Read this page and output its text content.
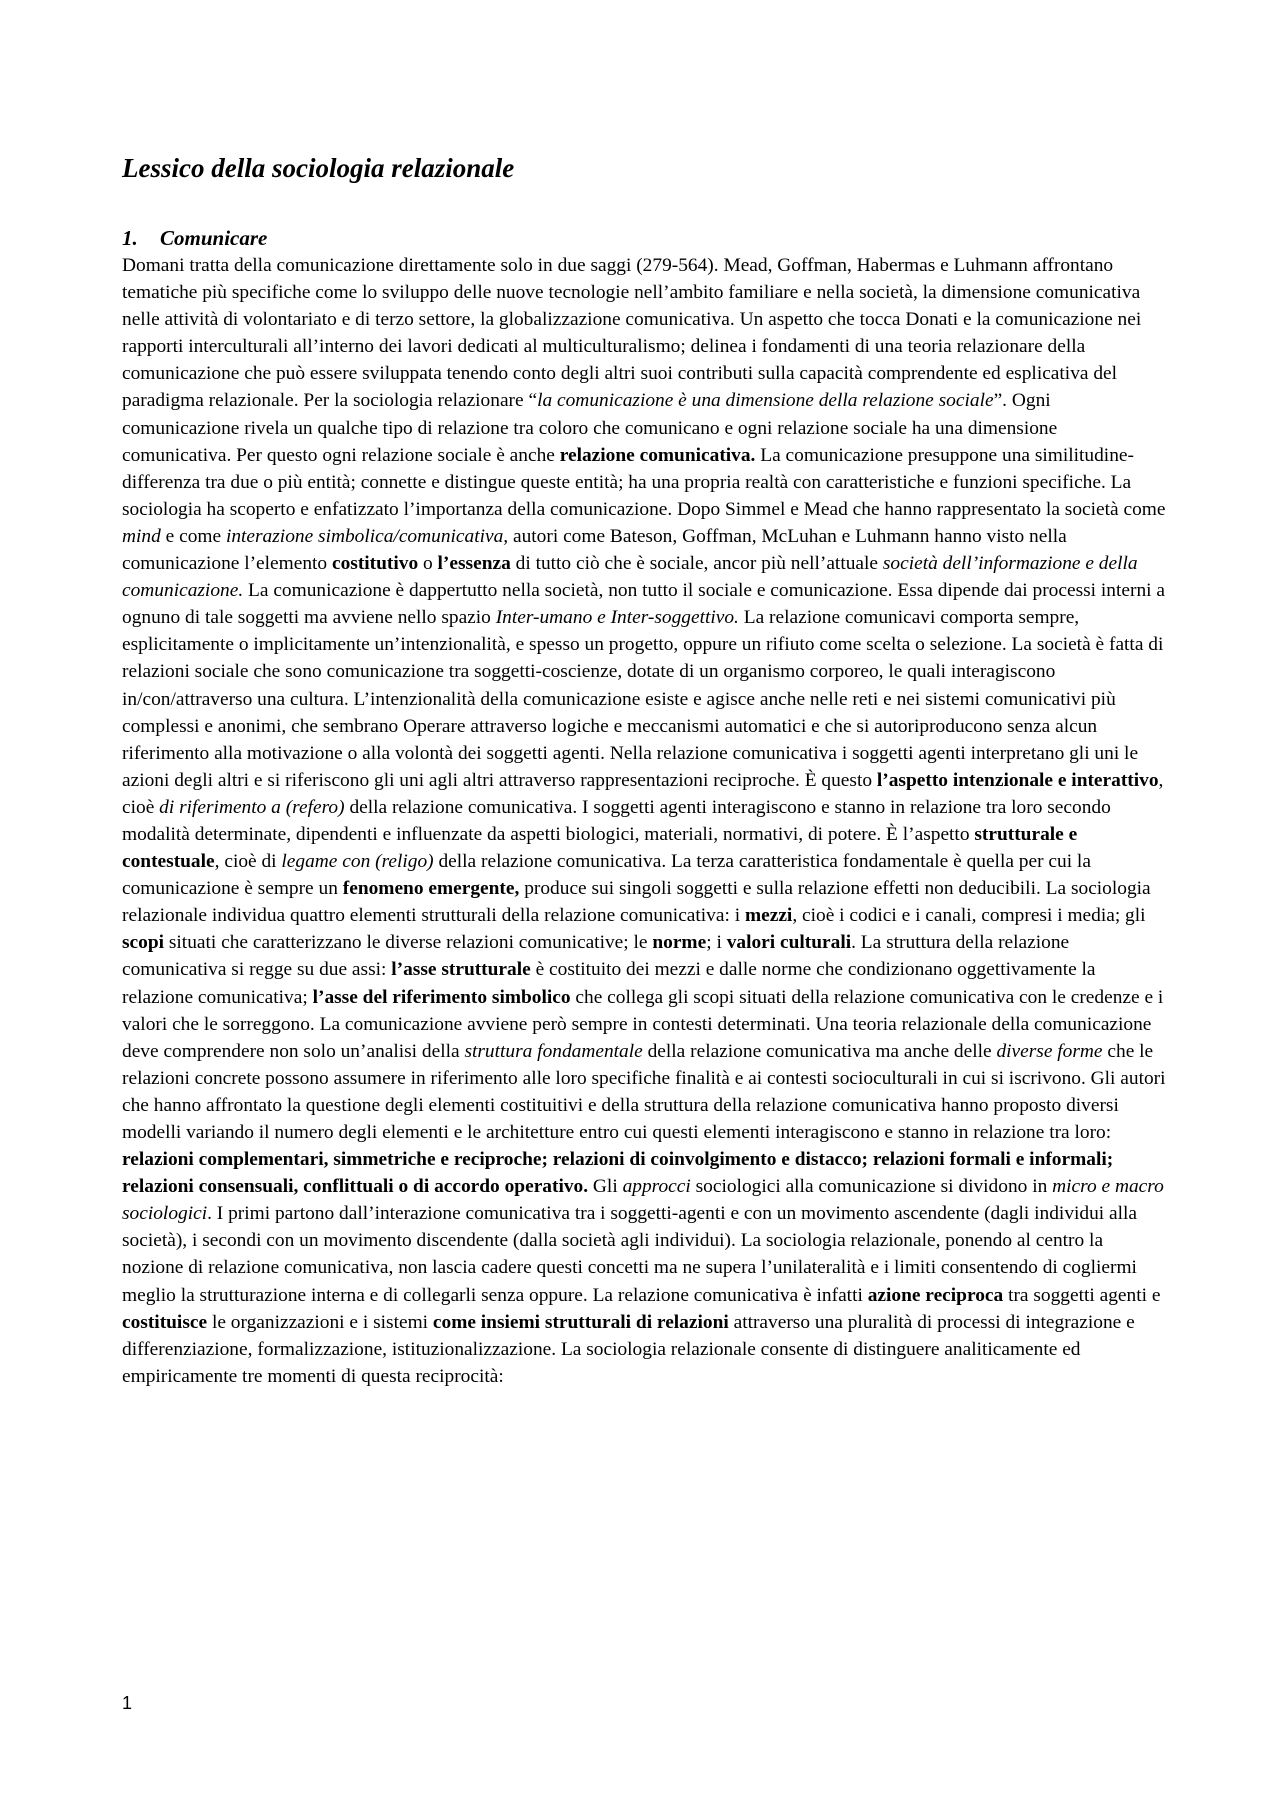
Lessico della sociologia relazionale
1. Comunicare

Domani tratta della comunicazione direttamente solo in due saggi (279-564). Mead, Goffman, Habermas e Luhmann affrontano tematiche più specifiche come lo sviluppo delle nuove tecnologie nell’ambito familiare e nella società, la dimensione comunicativa nelle attività di volontariato e di terzo settore, la globalizzazione comunicativa. Un aspetto che tocca Donati e la comunicazione nei rapporti interculturali all’interno dei lavori dedicati al multiculturalismo; delinea i fondamenti di una teoria relazionare della comunicazione che può essere sviluppata tenendo conto degli altri suoi contributi sulla capacità comprendente ed esplicativa del paradigma relazionale. Per la sociologia relazionare “la comunicazione è una dimensione della relazione sociale”. Ogni comunicazione rivela un qualche tipo di relazione tra coloro che comunicano e ogni relazione sociale ha una dimensione comunicativa. Per questo ogni relazione sociale è anche relazione comunicativa. La comunicazione presuppone una similitudine-differenza tra due o più entità; connette e distingue queste entità; ha una propria realtà con caratteristiche e funzioni specifiche. La sociologia ha scoperto e enfatizzato l’importanza della comunicazione. Dopo Simmel e Mead che hanno rappresentato la società come mind e come interazione simbolica/comunicativa, autori come Bateson, Goffman, McLuhan e Luhmann hanno visto nella comunicazione l’elemento costitutivo o l’essenza di tutto ciò che è sociale, ancor più nell’attuale società dell’informazione e della comunicazione. La comunicazione è dappertutto nella società, non tutto il sociale e comunicazione. Essa dipende dai processi interni a ognuno di tale soggetti ma avviene nello spazio Inter-umano e Inter-soggettivo. La relazione comunicavi comporta sempre, esplicitamente o implicitamente un’intenzionalità, e spesso un progetto, oppure un rifiuto come scelta o selezione. La società è fatta di relazioni sociale che sono comunicazione tra soggetti-coscienze, dotate di un organismo corporeo, le quali interagiscono in/con/attraverso una cultura. L’intenzionalità della comunicazione esiste e agisce anche nelle reti e nei sistemi comunicativi più complessi e anonimi, che sembrano Operare attraverso logiche e meccanismi automatici e che si autoriproducono senza alcun riferimento alla motivazione o alla volontà dei soggetti agenti. Nella relazione comunicativa i soggetti agenti interpretano gli uni le azioni degli altri e si riferiscono gli uni agli altri attraverso rappresentazioni reciproche. È questo l’aspetto intenzionale e interattivo, cioè di riferimento a (refero) della relazione comunicativa. I soggetti agenti interagiscono e stanno in relazione tra loro secondo modalità determinate, dipendenti e influenzate da aspetti biologici, materiali, normativi, di potere. È l’aspetto strutturale e contestuale, cioè di legame con (religo) della relazione comunicativa. La terza caratteristica fondamentale è quella per cui la comunicazione è sempre un fenomeno emergente, produce sui singoli soggetti e sulla relazione effetti non deducibili. La sociologia relazionale individua quattro elementi strutturali della relazione comunicativa: i mezzi, cioè i codici e i canali, compresi i media; gli scopi situati che caratterizzano le diverse relazioni comunicative; le norme; i valori culturali. La struttura della relazione comunicativa si regge su due assi: l’asse strutturale è costituito dei mezzi e dalle norme che condizionano oggettivamente la relazione comunicativa; l’asse del riferimento simbolico che collega gli scopi situati della relazione comunicativa con le credenze e i valori che le sorreggono. La comunicazione avviene però sempre in contesti determinati. Una teoria relazionale della comunicazione deve comprendere non solo un’analisi della struttura fondamentale della relazione comunicativa ma anche delle diverse forme che le relazioni concrete possono assumere in riferimento alle loro specifiche finalità e ai contesti socioculturali in cui si iscrivono. Gli autori che hanno affrontato la questione degli elementi costituitivi e della struttura della relazione comunicativa hanno proposto diversi modelli variando il numero degli elementi e le architetture entro cui questi elementi interagiscono e stanno in relazione tra loro: relazioni complementari, simmetriche e reciproche; relazioni di coinvolgimento e distacco; relazioni formali e informali; relazioni consensuali, conflittuali o di accordo operativo. Gli approcci sociologici alla comunicazione si dividono in micro e macro sociologici. I primi partono dall’interazione comunicativa tra i soggetti-agenti e con un movimento ascendente (dagli individui alla società), i secondi con un movimento discendente (dalla società agli individui). La sociologia relazionale, ponendo al centro la nozione di relazione comunicativa, non lascia cadere questi concetti ma ne supera l’unilateralità e i limiti consentendo di coglierm​i meglio la strutturazione interna e di collegarli senza oppure. La relazione comunicativa è infatti azione reciproca tra soggetti agenti e costituisce le organizzazioni e i sistemi come insiemi strutturali di relazioni attraverso una pluralità di processi di integrazione e differenziazione, formalizzazione, istituzionalizzazione. La sociologia relazionale consente di distinguere analiticamente ed empiricamente tre momenti di questa reciprocità:

1
